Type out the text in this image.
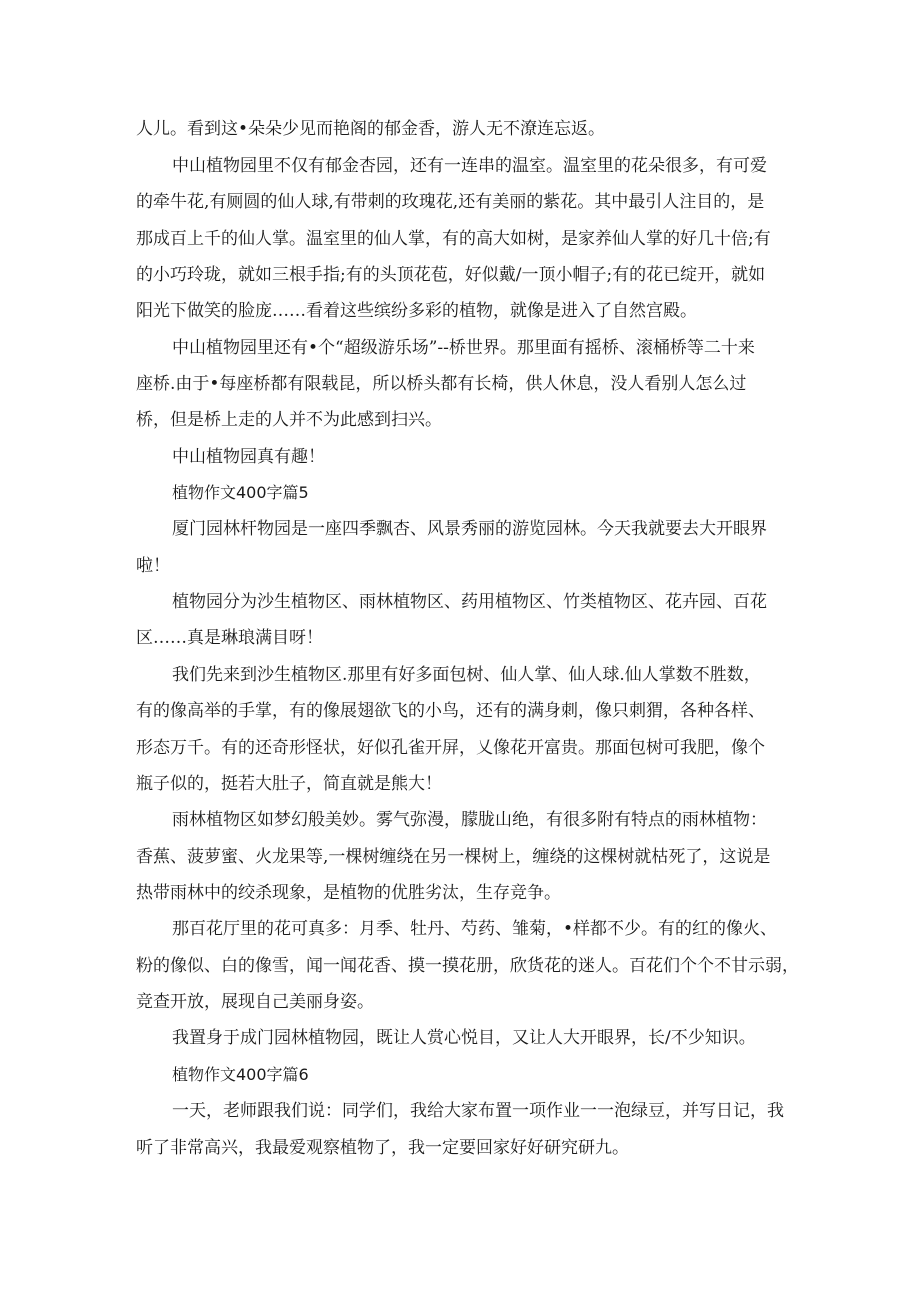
人儿。看到这•朵朵少见而艳阁的郁金香，游人无不潦连忘返。
中山植物园里不仅有郁金杏园，还有一连串的温室。温室里的花朵很多，有可爱
的牵牛花,有厕圆的仙人球,有带刺的玫瑰花,还有美丽的紫花。其中最引人注目的，是
那成百上千的仙人掌。温室里的仙人掌，有的高大如树，是家养仙人掌的好几十倍;有
的小巧玲珑，就如三根手指;有的头顶花苞，好似戴/一顶小帽子;有的花已绽开，就如
阳光下做笑的脸庞……看着这些缤纷多彩的植物，就像是进入了自然宫殿。
中山植物园里还有•个“超级游乐场”--桥世界。那里面有摇桥、滚桶桥等二十来
座桥.由于•每座桥都有限载昆，所以桥头都有长椅，供人休息，没人看别人怎么过
桥，但是桥上走的人并不为此感到扫兴。
中山植物园真有趣！
植物作文400字篇5
厦门园林杆物园是一座四季飘杏、风景秀丽的游览园林。今天我就要去大开眼界
啦！
植物园分为沙生植物区、雨林植物区、药用植物区、竹类植物区、花卉园、百花
区……真是琳琅满目呀！
我们先来到沙生植物区.那里有好多面包树、仙人掌、仙人球.仙人掌数不胜数，
有的像高举的手掌，有的像展翅欲飞的小鸟，还有的满身刺，像只刺猬，各种各样、
形态万千。有的还奇形怪状，好似孔雀开屏，乂像花开富贵。那面包树可我肥，像个
瓶子似的，挺若大肚子，简直就是熊大！
雨林植物区如梦幻般美妙。雾气弥漫，朦胧山绝，有很多附有特点的雨林植物：
香蕉、菠萝蜜、火龙果等,一棵树缠绕在另一棵树上，缠绕的这棵树就枯死了，这说是
热带雨林中的绞杀现象，是植物的优胜劣汰，生存竞争。
那百花厅里的花可真多：月季、牡丹、芍药、雏菊，•样都不少。有的红的像火、
粉的像似、白的像雪，闻一闻花香、摸一摸花册，欣货花的迷人。百花们个个不甘示弱，
竞查开放，展现自己美丽身姿。
我置身于成门园林植物园，既让人赏心悦目，又让人大开眼界，长/不少知识。
植物作文400字篇6
一天，老师跟我们说：同学们，我给大家布置一项作业一一泡绿豆，并写日记，我
听了非常高兴，我最爱观察植物了，我一定要回家好好研究研九。
